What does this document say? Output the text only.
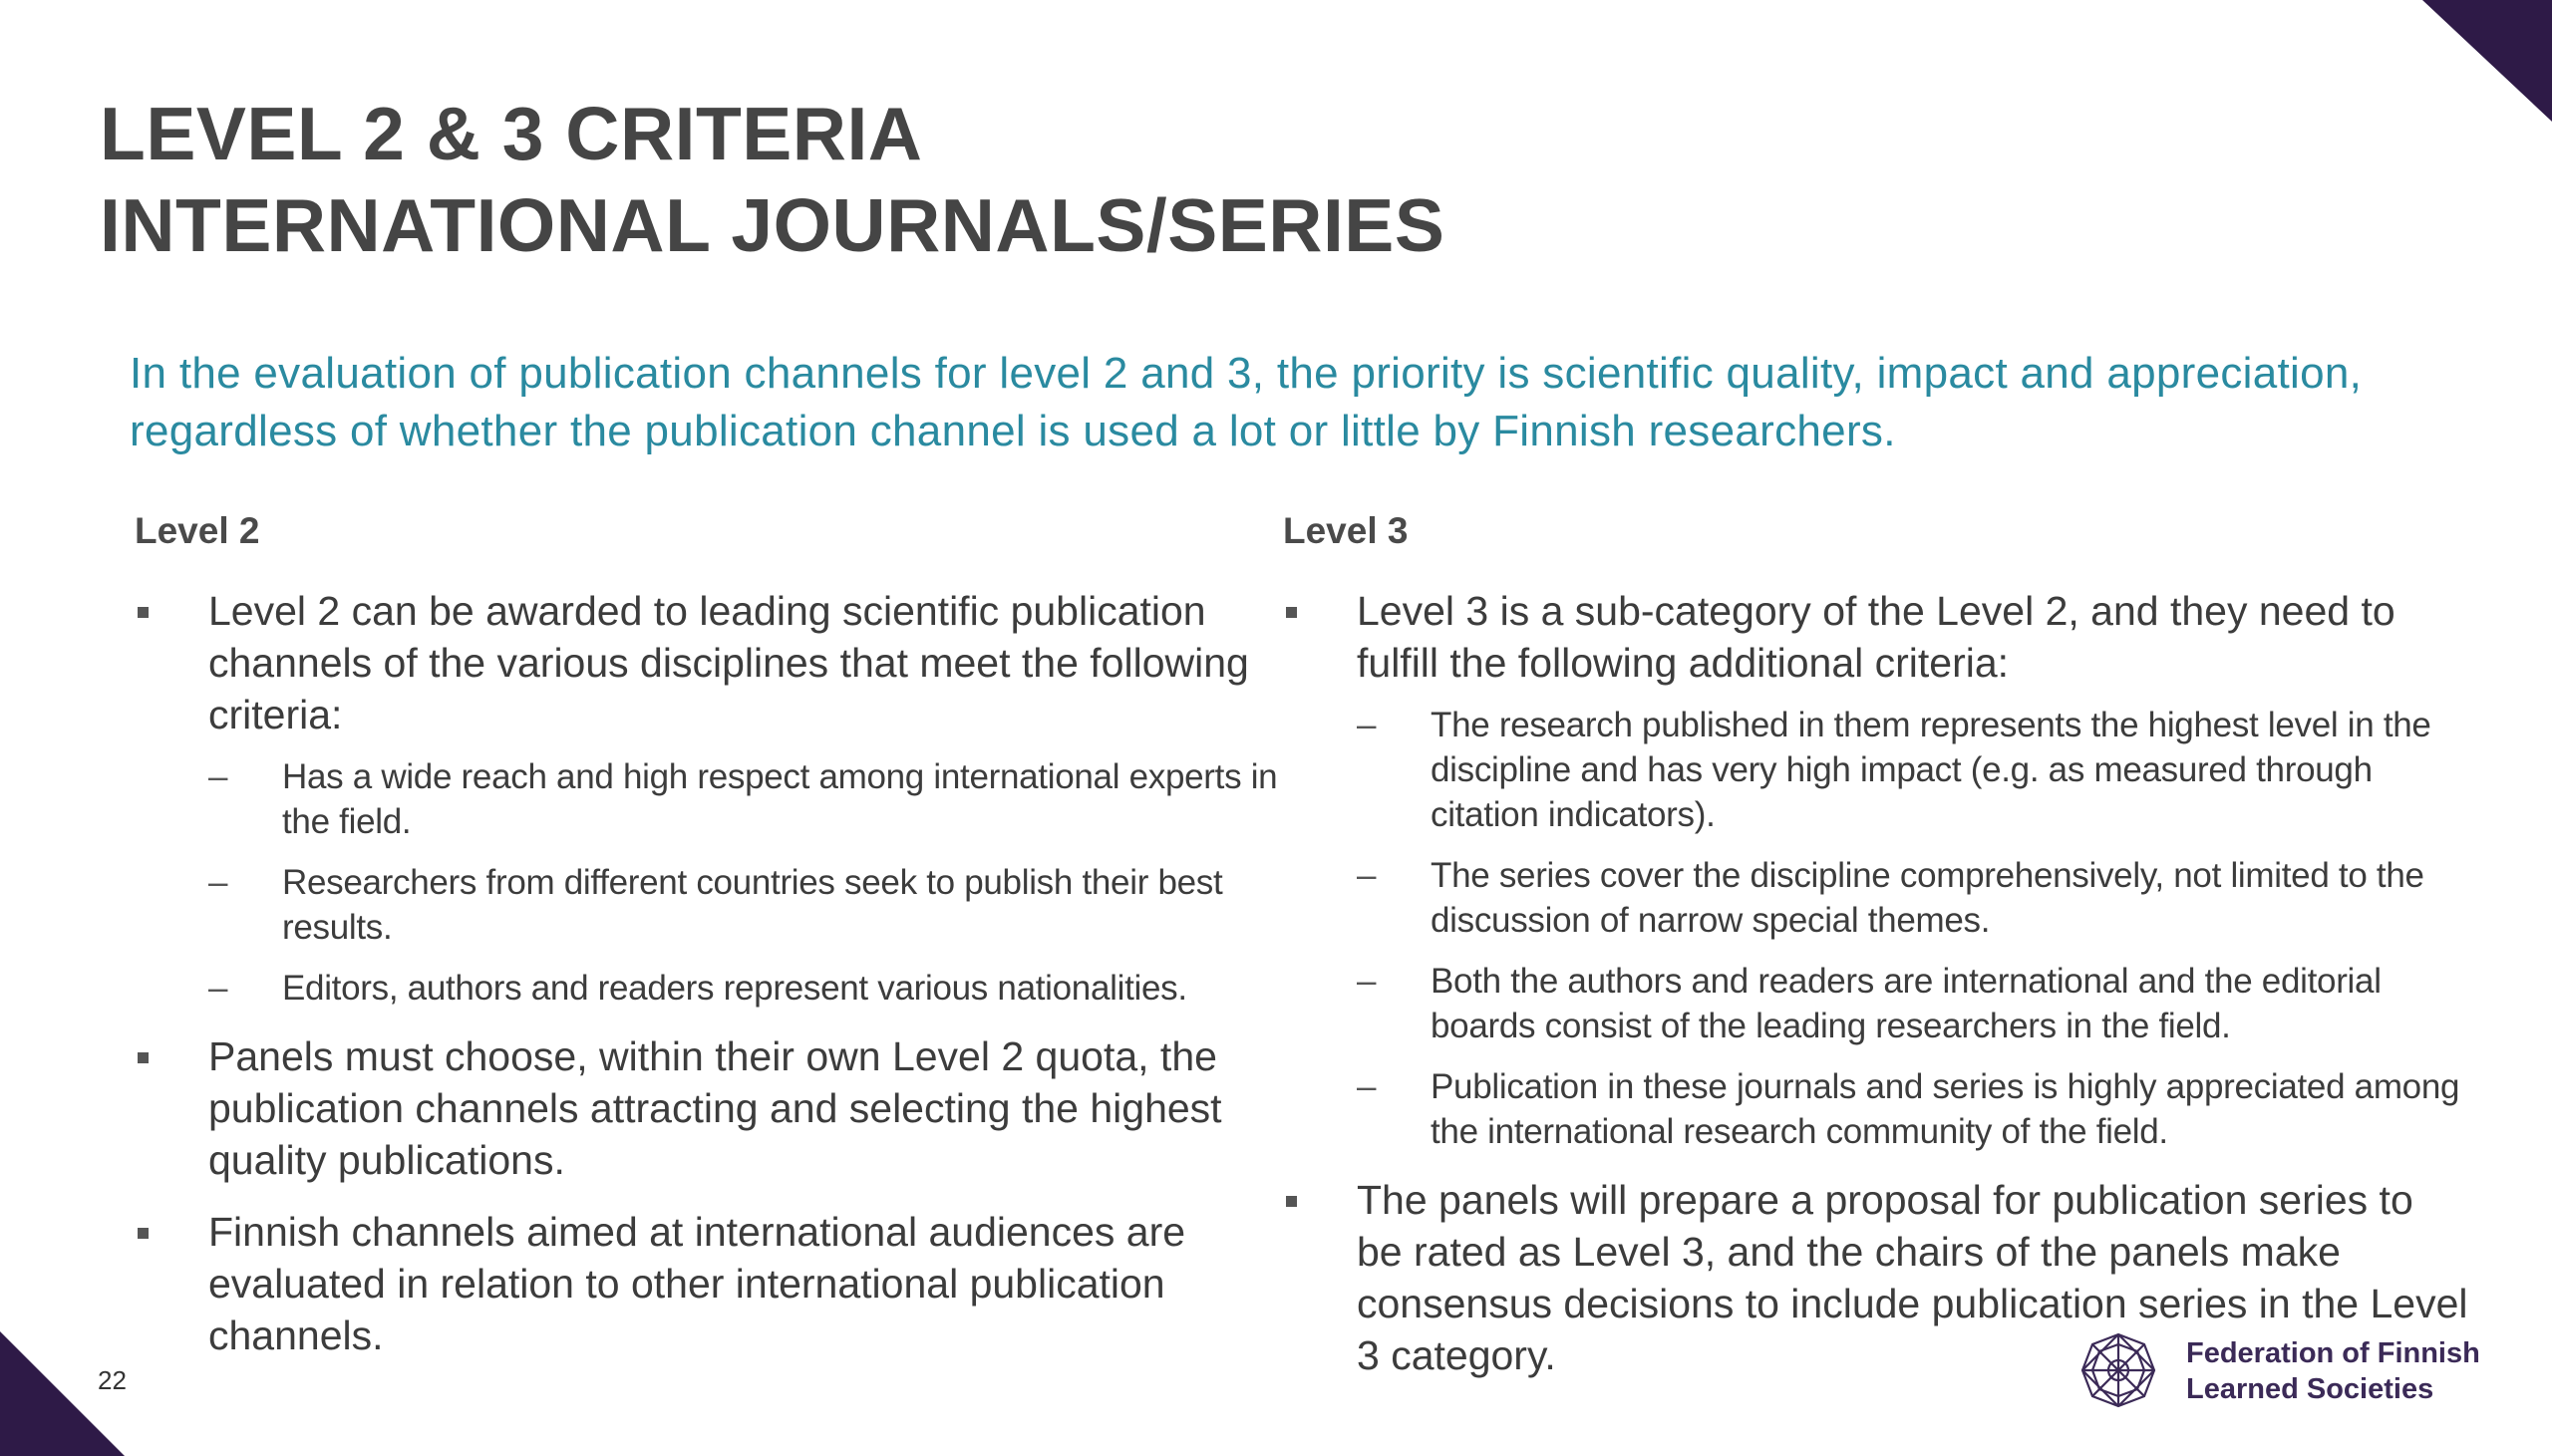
LEVEL 2 & 3 CRITERIA
INTERNATIONAL JOURNALS/SERIES

In the evaluation of publication channels for level 2 and 3, the priority is scientific quality, impact and appreciation, regardless of whether the publication channel is used a lot or little by Finnish researchers.

Level 2
Level 2 can be awarded to leading scientific publication channels of the various disciplines that meet the following criteria:
–	Has a wide reach and high respect among international experts in the field.
–	Researchers from different countries seek to publish their best results.
–	Editors, authors and readers represent various nationalities.
Panels must choose, within their own Level 2 quota, the publication channels attracting and selecting the highest quality publications.
Finnish channels aimed at international audiences are evaluated in relation to other international publication channels.
Level 3
Level 3 is a sub-category of the Level 2, and they need to fulfill the following additional criteria:
–	The research published in them represents the highest level in the discipline and has very high impact (e.g. as measured through citation indicators).
–	The series cover the discipline comprehensively, not limited to the discussion of narrow special themes.
–	Both the authors and readers are international and the editorial boards consist of the leading researchers in the field.
–	Publication in these journals and series is highly appreciated among the international research community of the field.
The panels will prepare a proposal for publication series to be rated as Level 3, and the chairs of the panels make consensus decisions to include publication series in the Level 3 category.
22
Federation of Finnish
Learned Societies
